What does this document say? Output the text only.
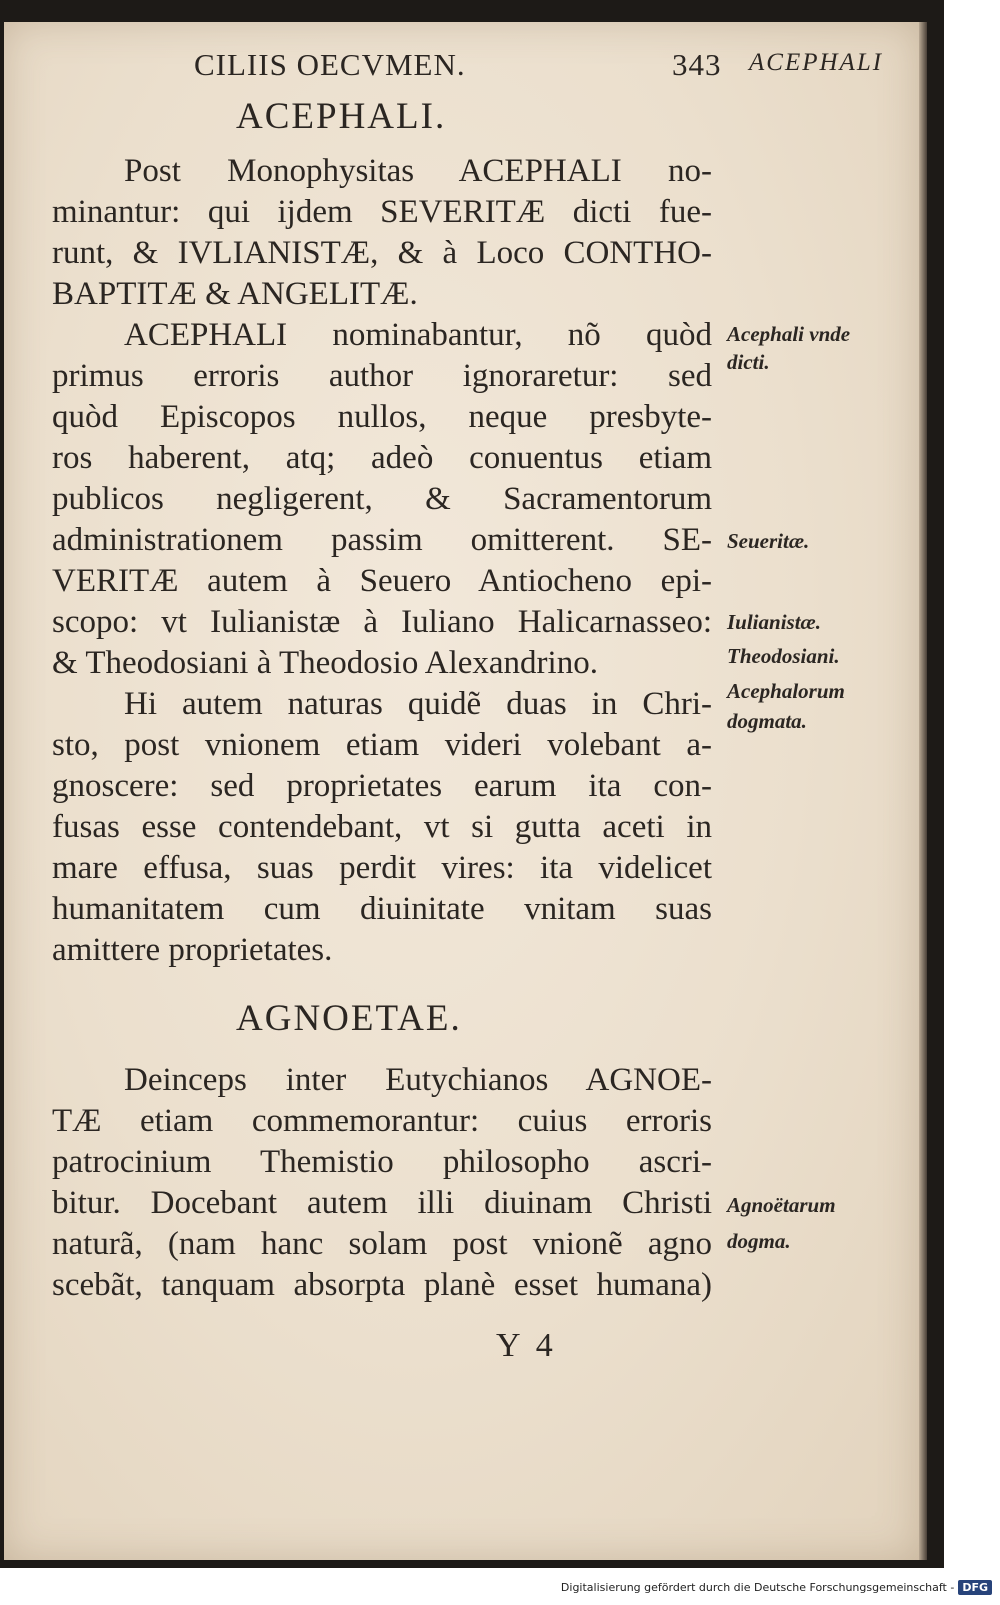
CILIIS OECVMEN.	343 ACEPHALI
ACEPHALI.
Post Monophysitas ACEPHALI no-
minantur: qui ijdem SEVERITÆ dicti fue-
runt, & IVLIANISTÆ, & à Loco CONTHO-
BAPTITÆ & ANGELITÆ.
ACEPHALI nominabantur, nõ quòd
primus erroris author ignoraretur: sed
quòd Episcopos nullos, neque presbyte-
ros haberent, atq; adeò conuentus etiam
publicos negligerent, & Sacramentorum
administrationem passim omitterent. SE-
VERITÆ autem à Seuero Antiocheno epi-
scopo: vt Iulianistæ à Iuliano Halicarnasseo:
& Theodosiani à Theodosio Alexandrino.
Hi autem naturas quidẽ duas in Chri-
sto, post vnionem etiam videri volebant a-
gnoscere: sed proprietates earum ita con-
fusas esse contendebant, vt si gutta aceti in
mare effusa, suas perdit vires: ita videlicet
humanitatem cum diuinitate vnitam suas
amittere proprietates.
AGNOETAE.
Deinceps inter Eutychianos AGNOE-
TÆ etiam commemorantur: cuius erroris
patrocinium Themistio philosopho ascri-
bitur. Docebant autem illi diuinam Christi
naturã, (nam hanc solam post vnionẽ agno
scebãt, tanquam absorpta planè esset humana)
Acephali vnde
dicti.
Seueritæ.
Iulianistæ.
Theodosiani.
Acephalorum
dogmata.
Agnoëtarum
dogma.
Y 4
Digitalisierung gefördert durch die Deutsche Forschungsgemeinschaft - DFG
